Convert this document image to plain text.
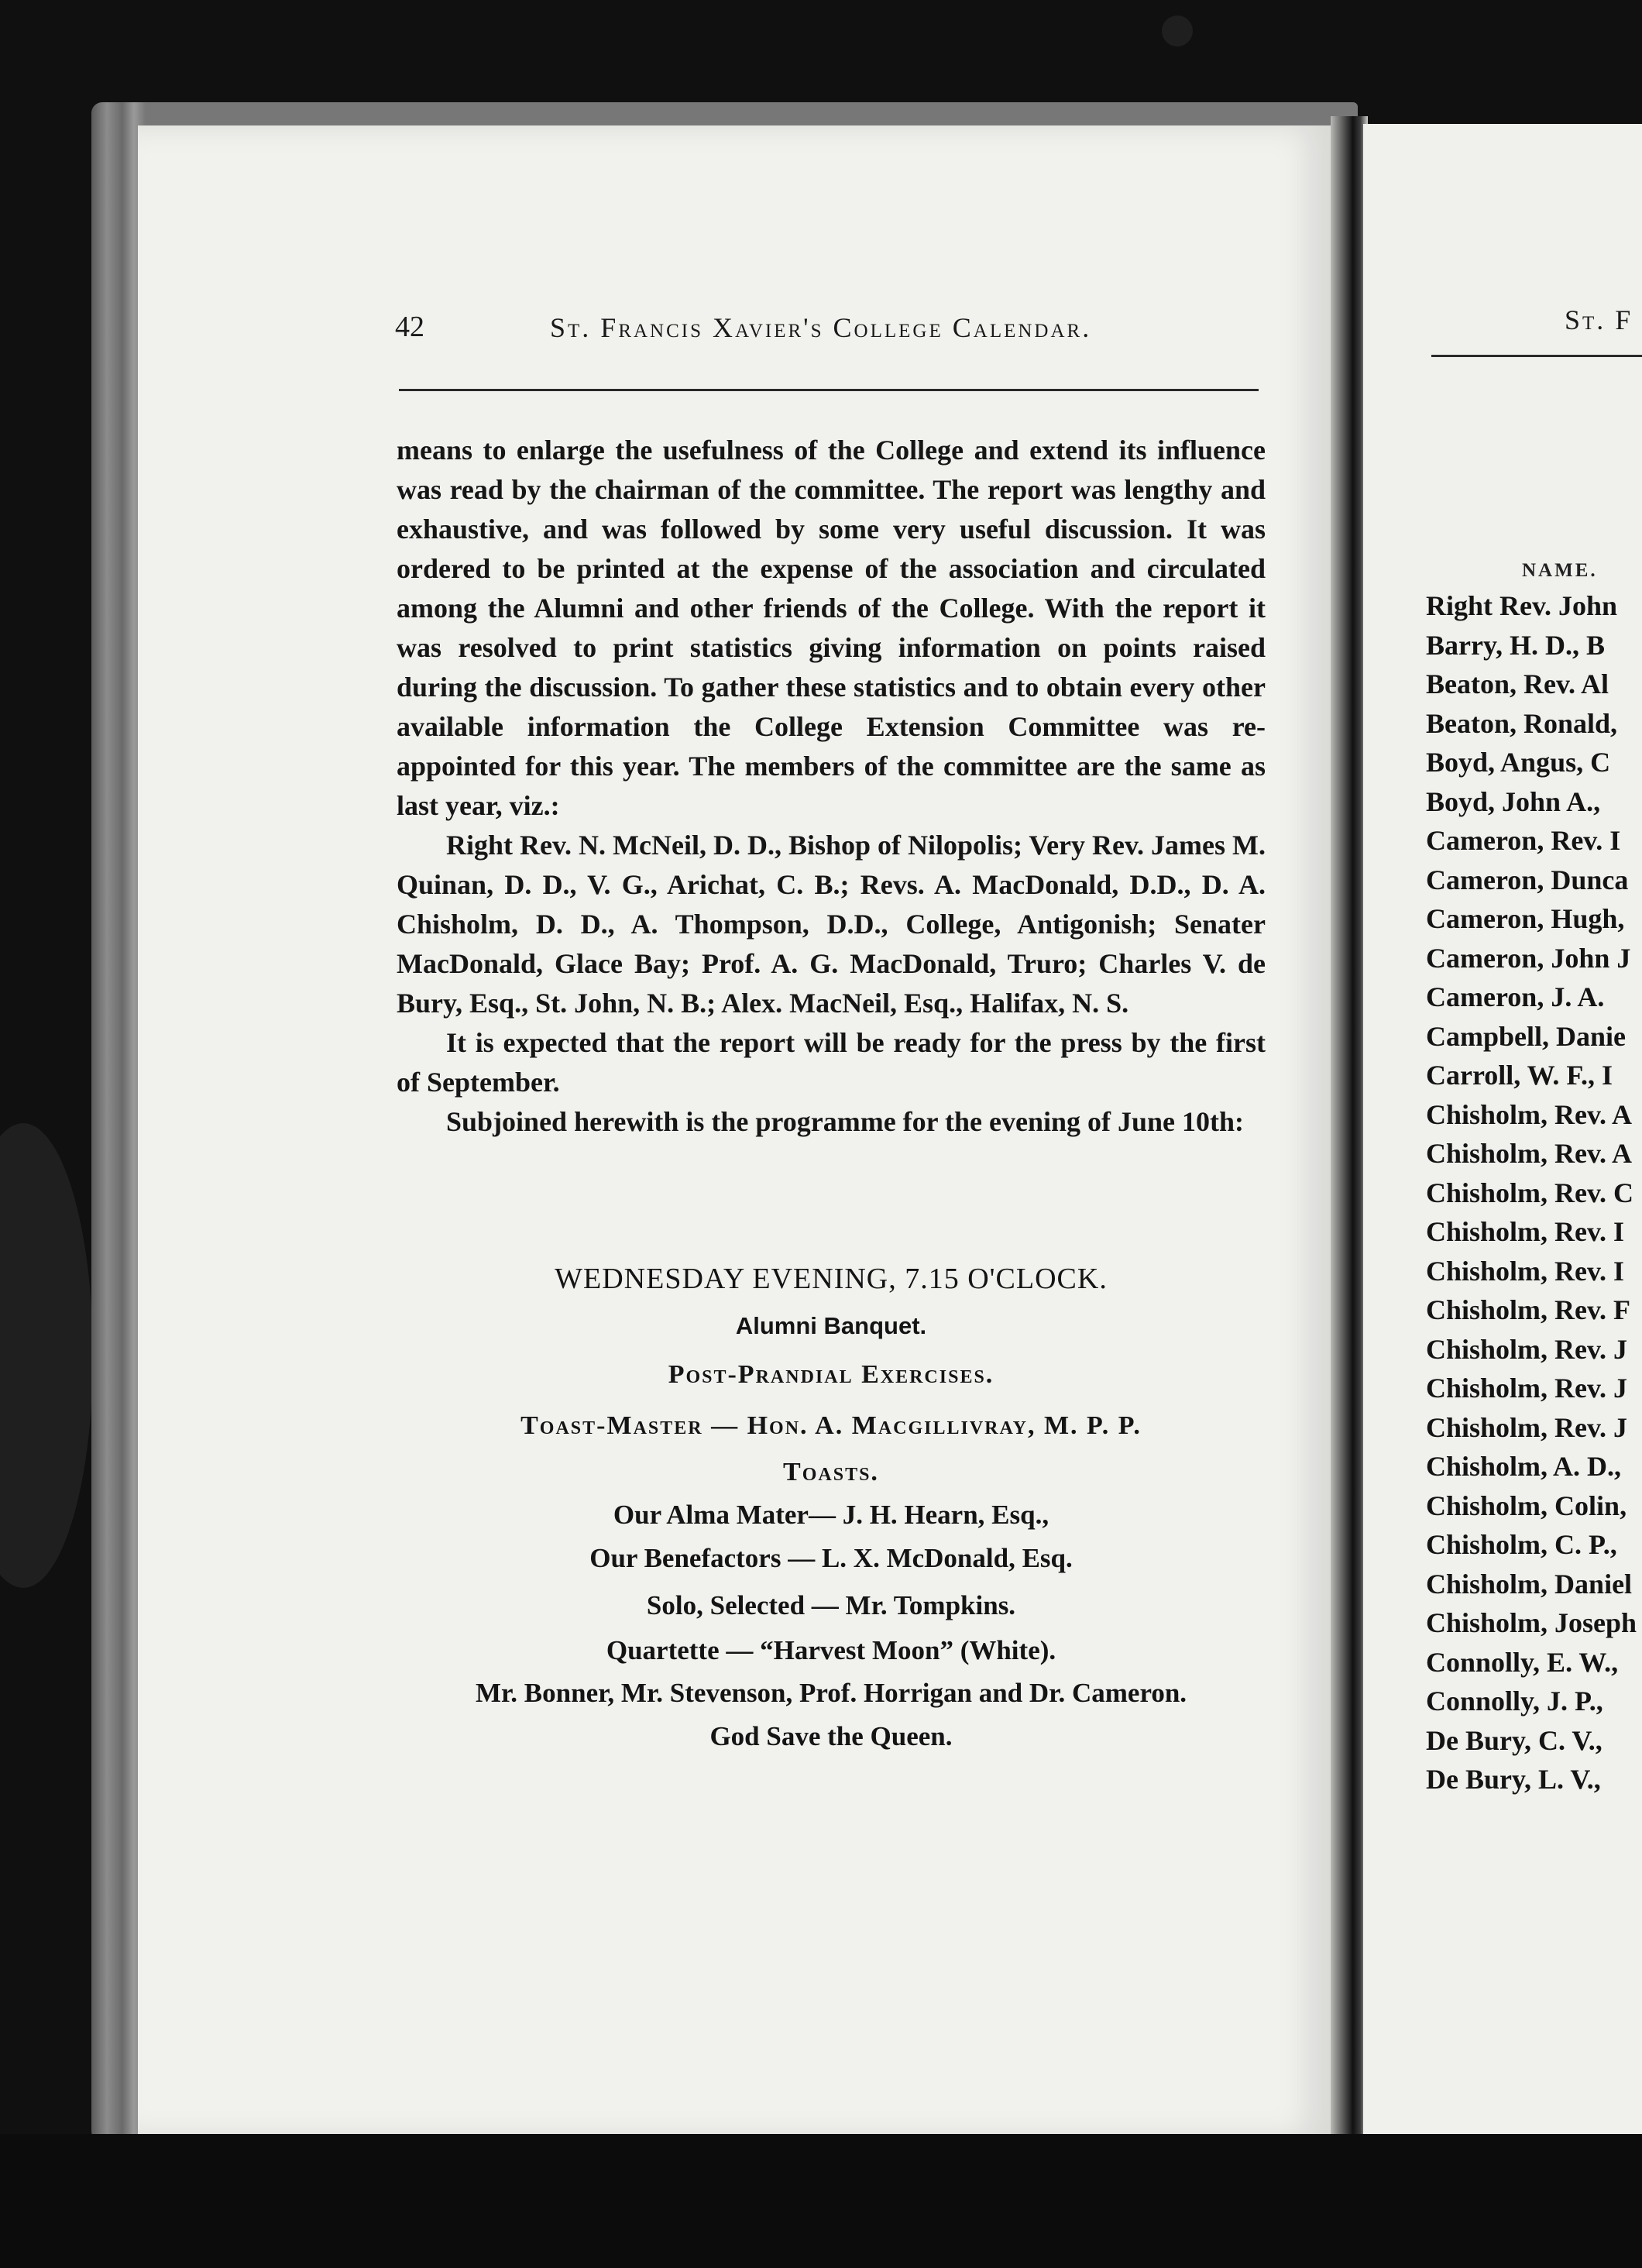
St. F
NAME.
Right Rev. John
Barry, H. D., B
Beaton, Rev. Al
Beaton, Ronald,
Boyd, Angus, C
Boyd, John A.,
Cameron, Rev. I
Cameron, Dunca
Cameron, Hugh,
Cameron, John J
Cameron, J. A.
Campbell, Danie
Carroll, W. F., I
Chisholm, Rev. A
Chisholm, Rev. A
Chisholm, Rev. C
Chisholm, Rev. I
Chisholm, Rev. I
Chisholm, Rev. F
Chisholm, Rev. J
Chisholm, Rev. J
Chisholm, Rev. J
Chisholm, A. D.,
Chisholm, Colin,
Chisholm, C. P.,
Chisholm, Daniel
Chisholm, Joseph
Connolly, E. W.,
Connolly, J. P.,
De Bury, C. V.,
De Bury, L. V.,
42	St. Francis Xavier's College Calendar.

means to enlarge the usefulness of the College and extend its influence was read by the chairman of the committee. The report was lengthy and exhaustive, and was followed by some very useful discussion. It was ordered to be printed at the expense of the association and circulated among the Alumni and other friends of the College. With the report it was resolved to print statistics giving information on points raised during the discussion. To gather these statistics and to obtain every other available information the College Extension Committee was re-appointed for this year. The members of the committee are the same as last year, viz.:

Right Rev. N. McNeil, D. D., Bishop of Nilopolis; Very Rev. James M. Quinan, D. D., V. G., Arichat, C. B.; Revs. A. MacDonald, D.D., D. A. Chisholm, D. D., A. Thompson, D.D., College, Antigonish; Senater MacDonald, Glace Bay; Prof. A. G. MacDonald, Truro; Charles V. de Bury, Esq., St. John, N. B.; Alex. MacNeil, Esq., Halifax, N. S.

It is expected that the report will be ready for the press by the first of September.

Subjoined herewith is the programme for the evening of June 10th:

WEDNESDAY EVENING, 7.15 O'CLOCK.
Alumni Banquet.
Post-Prandial Exercises.
Toast-Master — Hon. A. Macgillivray, M. P. P.
Toasts.
Our Alma Mater— J. H. Hearn, Esq.,
Our Benefactors — L. X. McDonald, Esq.
Solo, Selected — Mr. Tompkins.
Quartette — “Harvest Moon” (White).
Mr. Bonner, Mr. Stevenson, Prof. Horrigan and Dr. Cameron.
God Save the Queen.
